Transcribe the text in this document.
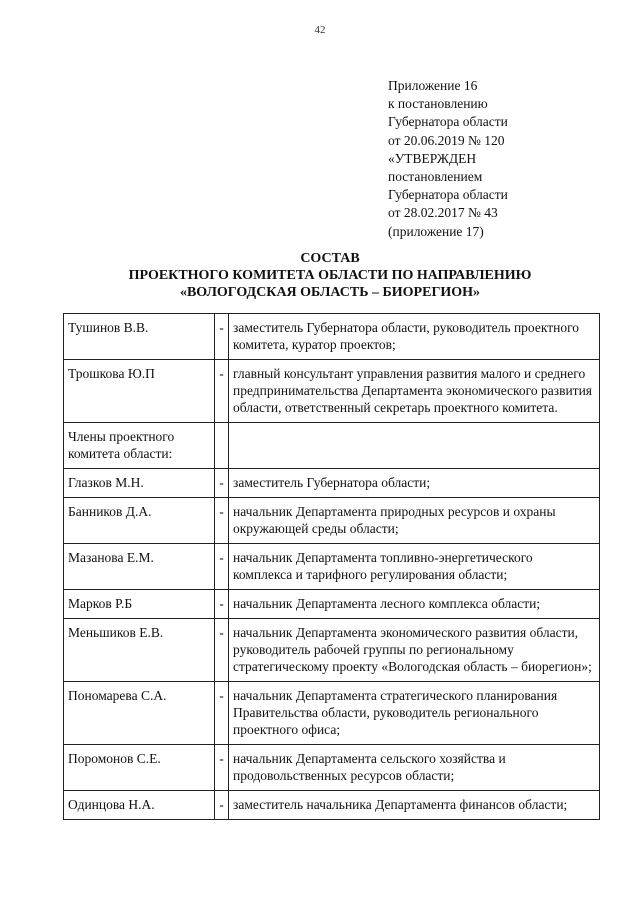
42
Приложение 16
к постановлению
Губернатора области
от 20.06.2019 № 120
«УТВЕРЖДЕН
постановлением
Губернатора области
от 28.02.2017 № 43
(приложение 17)
СОСТАВ
ПРОЕКТНОГО КОМИТЕТА ОБЛАСТИ ПО НАПРАВЛЕНИЮ
«ВОЛОГОДСКАЯ ОБЛАСТЬ – БИОРЕГИОН»
Тушинов В.В.	-	заместитель Губернатора области, руководитель проектного комитета, куратор проектов;
Трошкова Ю.П	-	главный консультант управления развития малого и среднего предпринимательства Департамента экономического развития области, ответственный секретарь проектного комитета.
Члены проектного комитета области:		
Глазков М.Н.	-	заместитель Губернатора области;
Банников Д.А.	-	начальник Департамента природных ресурсов и охраны окружающей среды области;
Мазанова Е.М.	-	начальник Департамента топливно-энергетического комплекса и тарифного регулирования области;
Марков Р.Б	-	начальник Департамента лесного комплекса области;
Меньшиков Е.В.	-	начальник Департамента экономического развития области, руководитель рабочей группы по региональному стратегическому проекту «Вологодская область – биорегион»;
Пономарева С.А.	-	начальник Департамента стратегического планирования Правительства области, руководитель регионального проектного офиса;
Поромонов С.Е.	-	начальник Департамента сельского хозяйства и продовольственных ресурсов области;
Одинцова Н.А.	-	заместитель начальника Департамента финансов области;
